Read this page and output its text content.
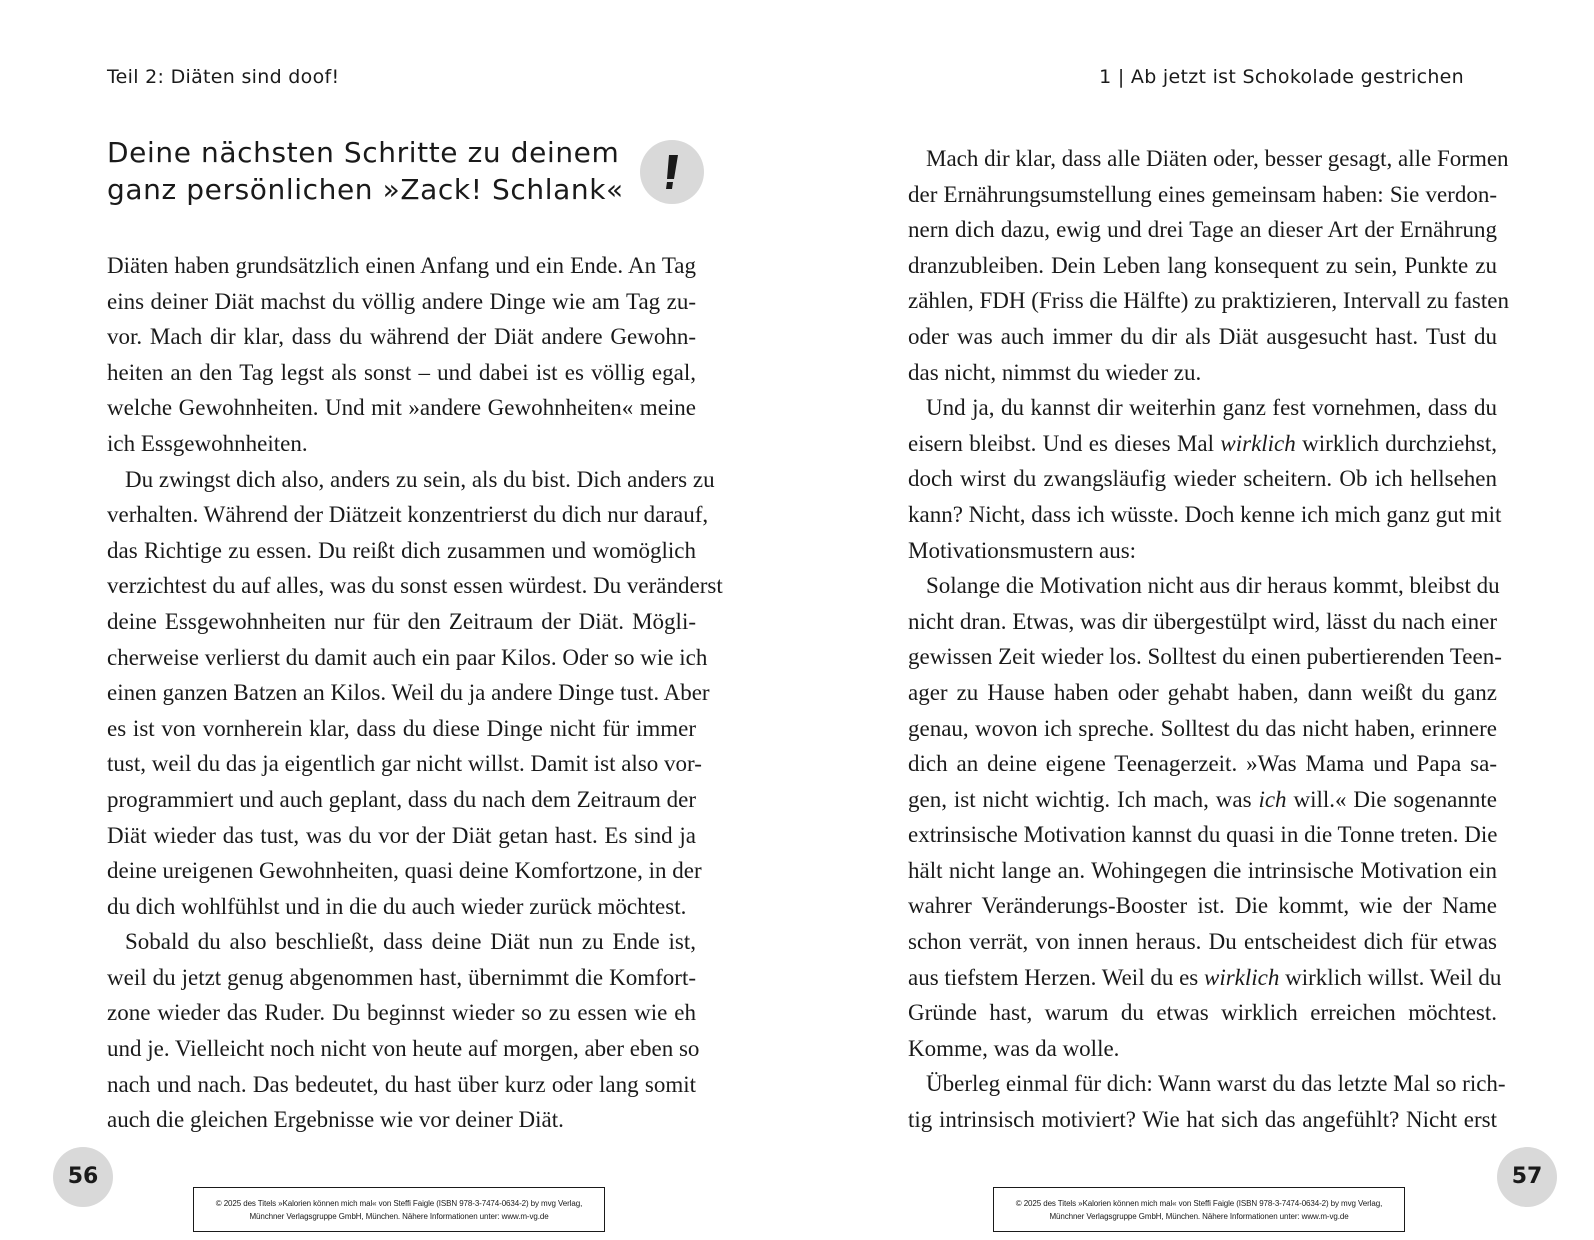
Teil 2: Diäten sind doof!
Deine nächsten Schritte zu deinem
ganz persönlichen »Zack! Schlank«
Diäten haben grundsätzlich einen Anfang und ein Ende. An Tag
eins deiner Diät machst du völlig andere Dinge wie am Tag zu-
vor. Mach dir klar, dass du während der Diät andere Gewohn-
heiten an den Tag legst als sonst – und dabei ist es völlig egal,
welche Gewohnheiten. Und mit »andere Gewohnheiten« meine
ich Essgewohnheiten.
Du zwingst dich also, anders zu sein, als du bist. Dich anders zu
verhalten. Während der Diätzeit konzentrierst du dich nur darauf,
das Richtige zu essen. Du reißt dich zusammen und womöglich
verzichtest du auf alles, was du sonst essen würdest. Du veränderst
deine Essgewohnheiten nur für den Zeitraum der Diät. Mögli-
cherweise verlierst du damit auch ein paar Kilos. Oder so wie ich
einen ganzen Batzen an Kilos. Weil du ja andere Dinge tust. Aber
es ist von vornherein klar, dass du diese Dinge nicht für immer
tust, weil du das ja eigentlich gar nicht willst. Damit ist also vor-
programmiert und auch geplant, dass du nach dem Zeitraum der
Diät wieder das tust, was du vor der Diät getan hast. Es sind ja
deine ureigenen Gewohnheiten, quasi deine Komfortzone, in der
du dich wohlfühlst und in die du auch wieder zurück möchtest.
Sobald du also beschließt, dass deine Diät nun zu Ende ist,
weil du jetzt genug abgenommen hast, übernimmt die Komfort-
zone wieder das Ruder. Du beginnst wieder so zu essen wie eh
und je. Vielleicht noch nicht von heute auf morgen, aber eben so
nach und nach. Das bedeutet, du hast über kurz oder lang somit
auch die gleichen Ergebnisse wie vor deiner Diät.
56
© 2025 des Titels »Kalorien können mich mal« von Steffi Faigle (ISBN 978-3-7474-0634-2) by mvg Verlag,
Münchner Verlagsgruppe GmbH, München. Nähere Informationen unter: www.m-vg.de
1 | Ab jetzt ist Schokolade gestrichen
Mach dir klar, dass alle Diäten oder, besser gesagt, alle Formen
der Ernährungsumstellung eines gemeinsam haben: Sie verdon-
nern dich dazu, ewig und drei Tage an dieser Art der Ernährung
dranzubleiben. Dein Leben lang konsequent zu sein, Punkte zu
zählen, FDH (Friss die Hälfte) zu praktizieren, Intervall zu fasten
oder was auch immer du dir als Diät ausgesucht hast. Tust du
das nicht, nimmst du wieder zu.
Und ja, du kannst dir weiterhin ganz fest vornehmen, dass du
eisern bleibst. Und es dieses Mal wirklich wirklich durchziehst,
doch wirst du zwangsläufig wieder scheitern. Ob ich hellsehen
kann? Nicht, dass ich wüsste. Doch kenne ich mich ganz gut mit
Motivationsmustern aus:
Solange die Motivation nicht aus dir heraus kommt, bleibst du
nicht dran. Etwas, was dir übergestülpt wird, lässt du nach einer
gewissen Zeit wieder los. Solltest du einen pubertierenden Teen-
ager zu Hause haben oder gehabt haben, dann weißt du ganz
genau, wovon ich spreche. Solltest du das nicht haben, erinnere
dich an deine eigene Teenagerzeit. »Was Mama und Papa sa-
gen, ist nicht wichtig. Ich mach, was ich will.« Die sogenannte
extrinsische Motivation kannst du quasi in die Tonne treten. Die
hält nicht lange an. Wohingegen die intrinsische Motivation ein
wahrer Veränderungs-Booster ist. Die kommt, wie der Name
schon verrät, von innen heraus. Du entscheidest dich für etwas
aus tiefstem Herzen. Weil du es wirklich wirklich willst. Weil du
Gründe hast, warum du etwas wirklich erreichen möchtest.
Komme, was da wolle.
Überleg einmal für dich: Wann warst du das letzte Mal so rich-
tig intrinsisch motiviert? Wie hat sich das angefühlt? Nicht erst
57
© 2025 des Titels »Kalorien können mich mal« von Steffi Faigle (ISBN 978-3-7474-0634-2) by mvg Verlag,
Münchner Verlagsgruppe GmbH, München. Nähere Informationen unter: www.m-vg.de
